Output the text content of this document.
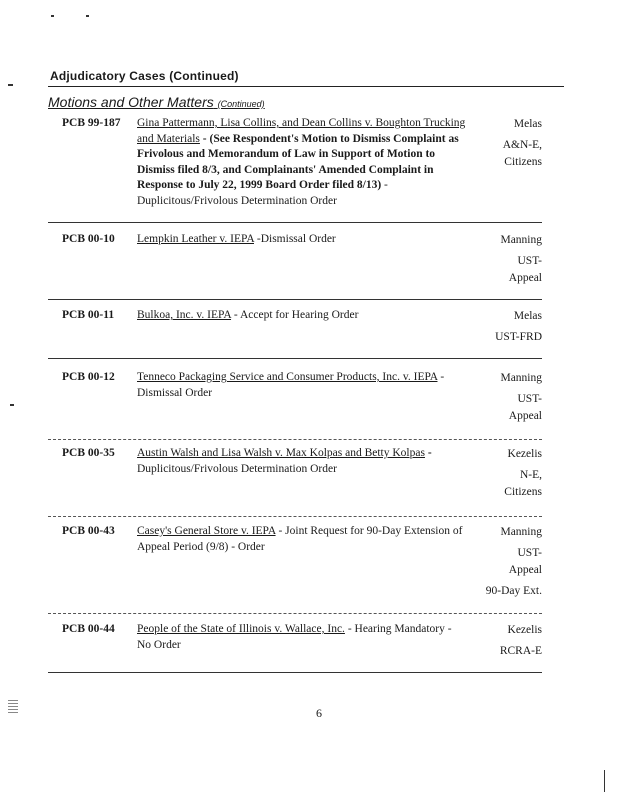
Adjudicatory Cases (Continued)
Motions and Other Matters (Continued)
PCB 99-187 Gina Pattermann, Lisa Collins, and Dean Collins v. Boughton Trucking and Materials - (See Respondent's Motion to Dismiss Complaint as Frivolous and Memorandum of Law in Support of Motion to Dismiss filed 8/3, and Complainants' Amended Complaint in Response to July 22, 1999 Board Order filed 8/13) - Duplicitous/Frivolous Determination Order
Melas
A&N-E,
Citizens
PCB 00-10 Lempkin Leather v. IEPA -Dismissal Order	Manning
UST-
Appeal
PCB 00-11 Bulkoa, Inc. v. IEPA - Accept for Hearing Order	Melas
UST-FRD
PCB 00-12 Tenneco Packaging Service and Consumer Products, Inc. v. IEPA - Dismissal Order
Manning
UST-
Appeal
PCB 00-35 Austin Walsh and Lisa Walsh v. Max Kolpas and Betty Kolpas - Duplicitous/Frivolous Determination Order
Kezelis
N-E,
Citizens
PCB 00-43 Casey's General Store v. IEPA - Joint Request for 90-Day Extension of Appeal Period (9/8) - Order
Manning
UST-
Appeal
90-Day Ext.
PCB 00-44 People of the State of Illinois v. Wallace, Inc. - Hearing Mandatory - No Order
Kezelis
RCRA-E
6
